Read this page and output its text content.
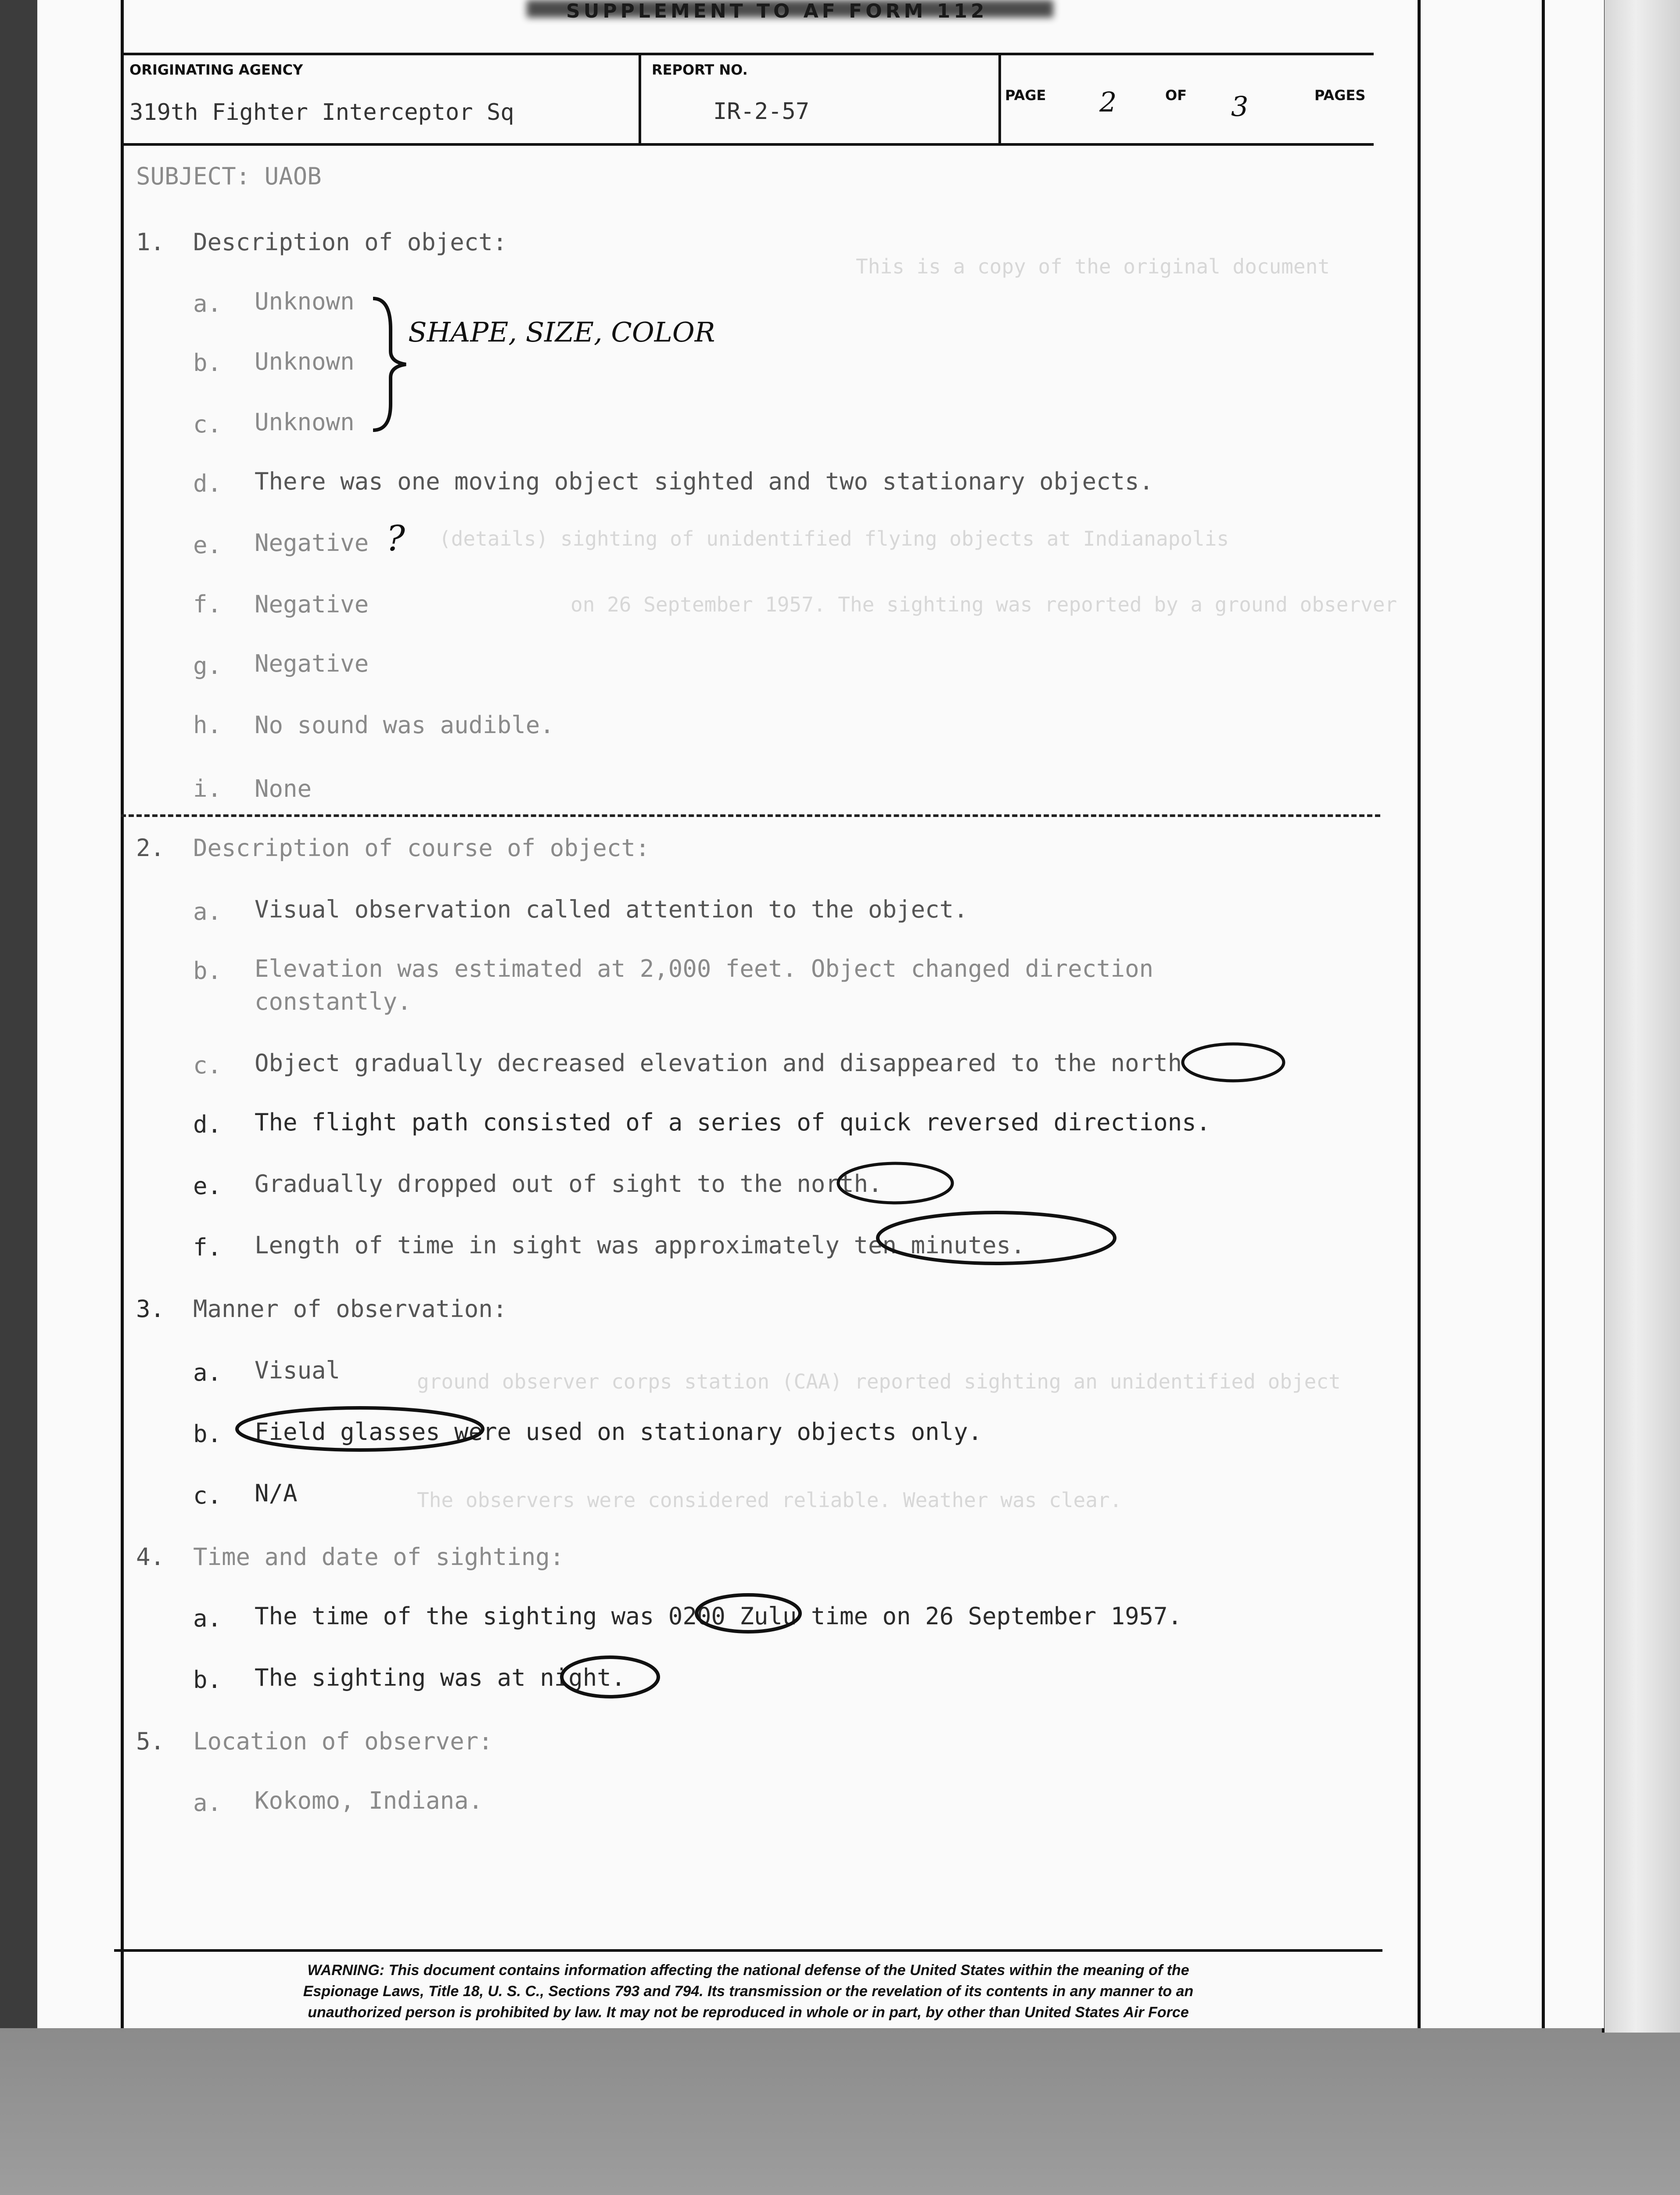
SUPPLEMENT TO AF FORM 112
ORIGINATING AGENCY
319th Fighter Interceptor Sq
REPORT NO.
IR-2-57
PAGE 2	OF 3	PAGES
This is a copy of the original document
(details) sighting of unidentified flying objects at Indianapolis
on 26 September 1957. The sighting was reported by a ground observer
ground observer corps station (CAA) reported sighting an unidentified object
The observers were considered reliable. Weather was clear.
SUBJECT: UAOB
1. Description of object:
a. Unknown
b. Unknown
c. Unknown
SHAPE, SIZE, COLOR
d. There was one moving object sighted and two stationary objects.
e. Negative ?
f. Negative
g. Negative
h. No sound was audible.
i. None
2. Description of course of object:
a. Visual observation called attention to the object.
b. Elevation was estimated at 2,000 feet. Object changed direction
constantly.
c. Object gradually decreased elevation and disappeared to the north
d. The flight path consisted of a series of quick reversed directions.
e. Gradually dropped out of sight to the north.
f. Length of time in sight was approximately ten minutes.
3. Manner of observation:
a. Visual
b. Field glasses were used on stationary objects only.
c. N/A
4. Time and date of sighting:
a. The time of the sighting was 0200 Zulu time on 26 September 1957.
b. The sighting was at night.
5. Location of observer:
a. Kokomo, Indiana.
WARNING: This document contains information affecting the national defense of the United States within the meaning of the
Espionage Laws, Title 18, U. S. C., Sections 793 and 794. Its transmission or the revelation of its contents in any manner to an
unauthorized person is prohibited by law. It may not be reproduced in whole or in part, by other than United States Air Force
